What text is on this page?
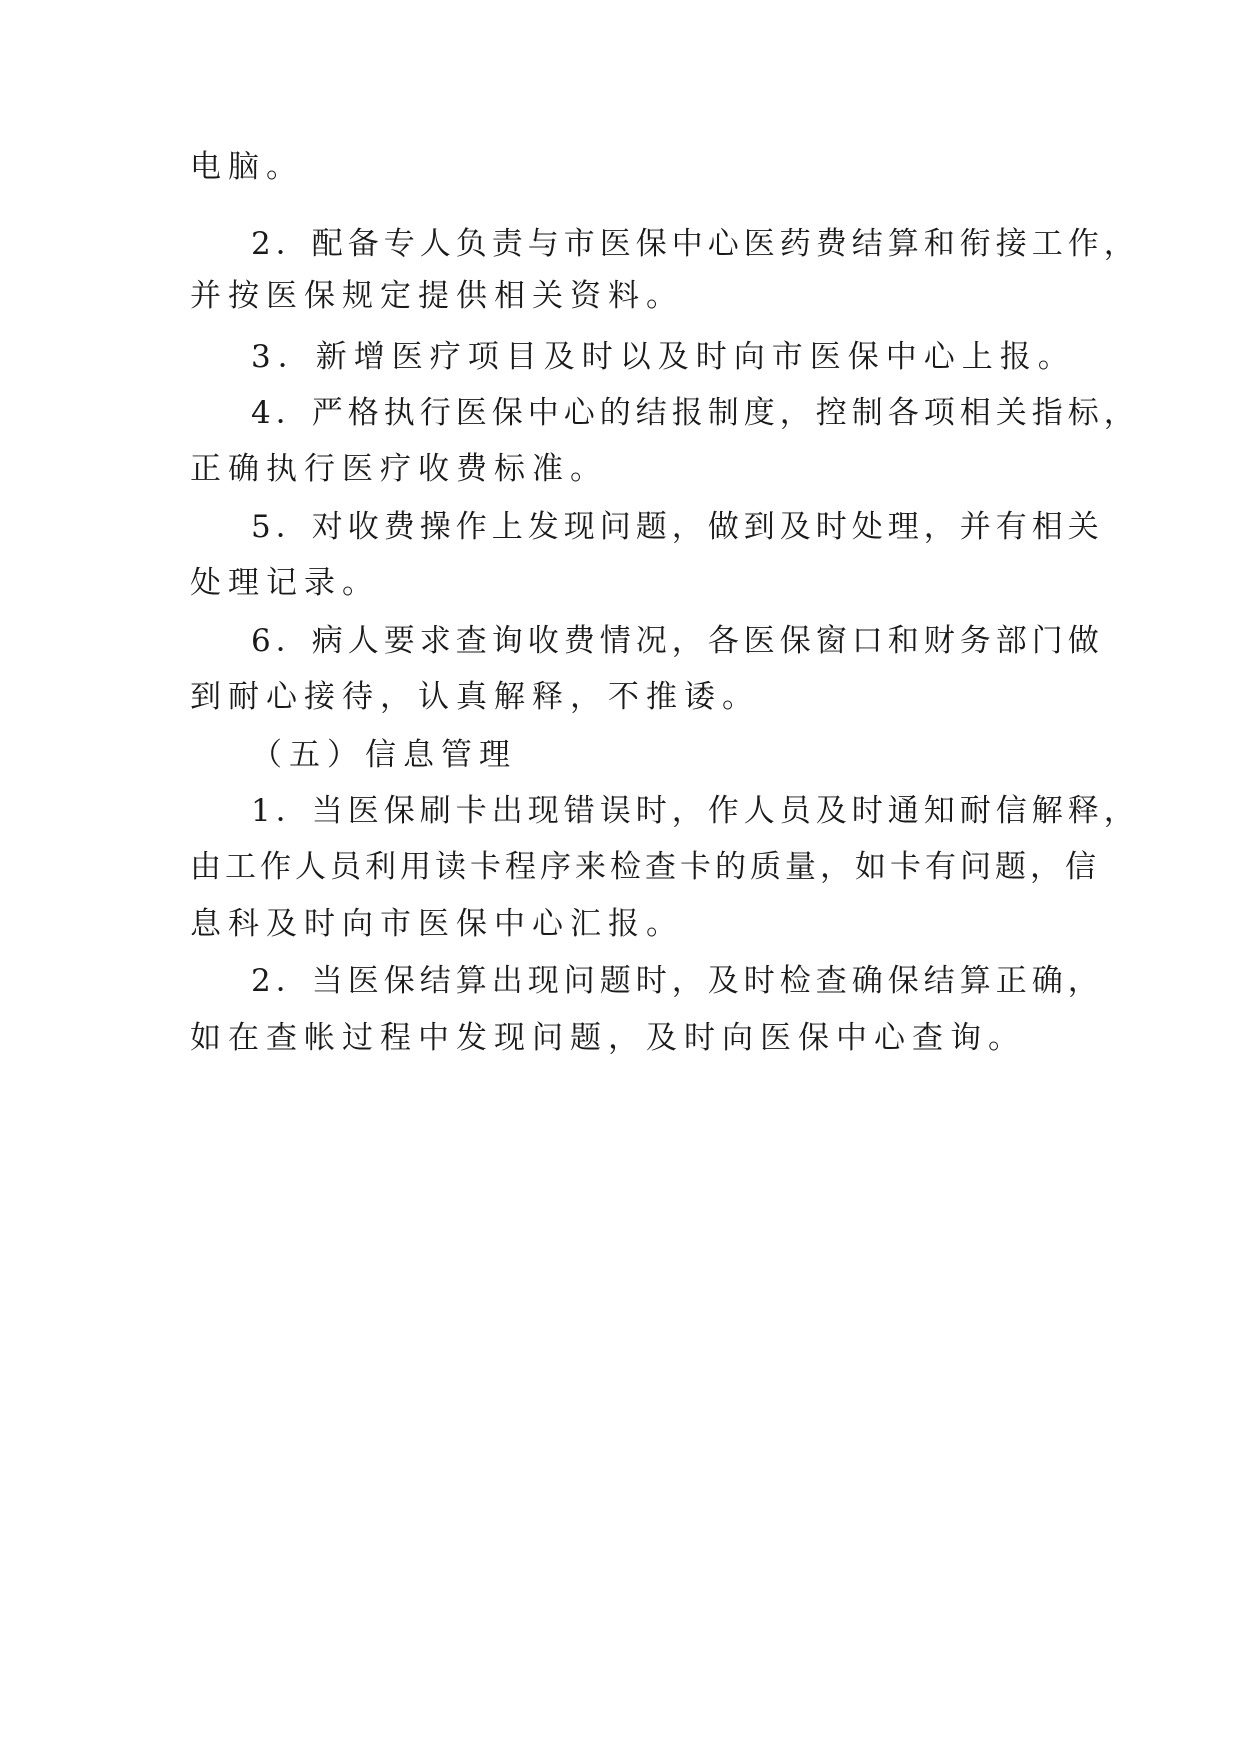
电脑。

2．配备专人负责与市医保中心医药费结算和衔接工作，

并按医保规定提供相关资料。

3．新增医疗项目及时以及时向市医保中心上报。

4．严格执行医保中心的结报制度，控制各项相关指标，

正确执行医疗收费标准。

5．对收费操作上发现问题，做到及时处理，并有相关

处理记录。

6．病人要求查询收费情况，各医保窗口和财务部门做

到耐心接待，认真解释，不推诿。

（五）信息管理

1．当医保刷卡出现错误时，作人员及时通知耐信解释，

由工作人员利用读卡程序来检查卡的质量，如卡有问题，信

息科及时向市医保中心汇报。

2．当医保结算出现问题时，及时检查确保结算正确，

如在查帐过程中发现问题，及时向医保中心查询。
